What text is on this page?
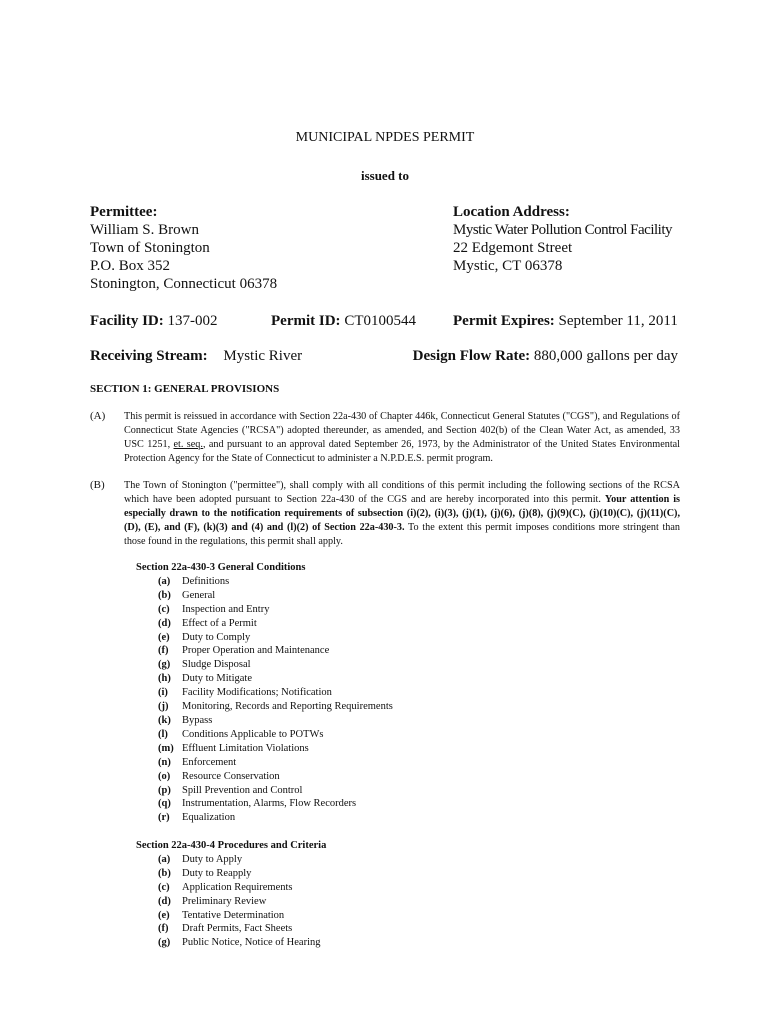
MUNICIPAL NPDES PERMIT
issued to
Permittee:
William S. Brown
Town of Stonington
P.O. Box 352
Stonington, Connecticut 06378
Location Address:
Mystic Water Pollution Control Facility
22 Edgemont Street
Mystic, CT 06378
Facility ID: 137-002	Permit ID: CT0100544 Permit Expires: September 11, 2011
Receiving Stream: Mystic River	Design Flow Rate: 880,000 gallons per day
SECTION 1: GENERAL PROVISIONS
(A) This permit is reissued in accordance with Section 22a-430 of Chapter 446k, Connecticut General Statutes ("CGS"), and Regulations of Connecticut State Agencies ("RCSA") adopted thereunder, as amended, and Section 402(b) of the Clean Water Act, as amended, 33 USC 1251, et. seq., and pursuant to an approval dated September 26, 1973, by the Administrator of the United States Environmental Protection Agency for the State of Connecticut to administer a N.P.D.E.S. permit program.
(B) The Town of Stonington ("permittee"), shall comply with all conditions of this permit including the following sections of the RCSA which have been adopted pursuant to Section 22a-430 of the CGS and are hereby incorporated into this permit. Your attention is especially drawn to the notification requirements of subsection (i)(2), (i)(3), (j)(1), (j)(6), (j)(8), (j)(9)(C), (j)(10)(C), (j)(11)(C), (D), (E), and (F), (k)(3) and (4) and (l)(2) of Section 22a-430-3. To the extent this permit imposes conditions more stringent than those found in the regulations, this permit shall apply.
Section 22a-430-3 General Conditions
(a)	Definitions
(b)	General
(c)	Inspection and Entry
(d)	Effect of a Permit
(e)	Duty to Comply
(f)	Proper Operation and Maintenance
(g)	Sludge Disposal
(h)	Duty to Mitigate
(i)	Facility Modifications; Notification
(j)	Monitoring, Records and Reporting Requirements
(k)	Bypass
(l)	Conditions Applicable to POTWs
(m) Effluent Limitation Violations
(n)	Enforcement
(o)	Resource Conservation
(p)	Spill Prevention and Control
(q)	Instrumentation, Alarms, Flow Recorders
(r)	Equalization
Section 22a-430-4 Procedures and Criteria
(a)	Duty to Apply
(b)	Duty to Reapply
(c)	Application Requirements
(d)	Preliminary Review
(e)	Tentative Determination
(f)	Draft Permits, Fact Sheets
(g)	Public Notice, Notice of Hearing
